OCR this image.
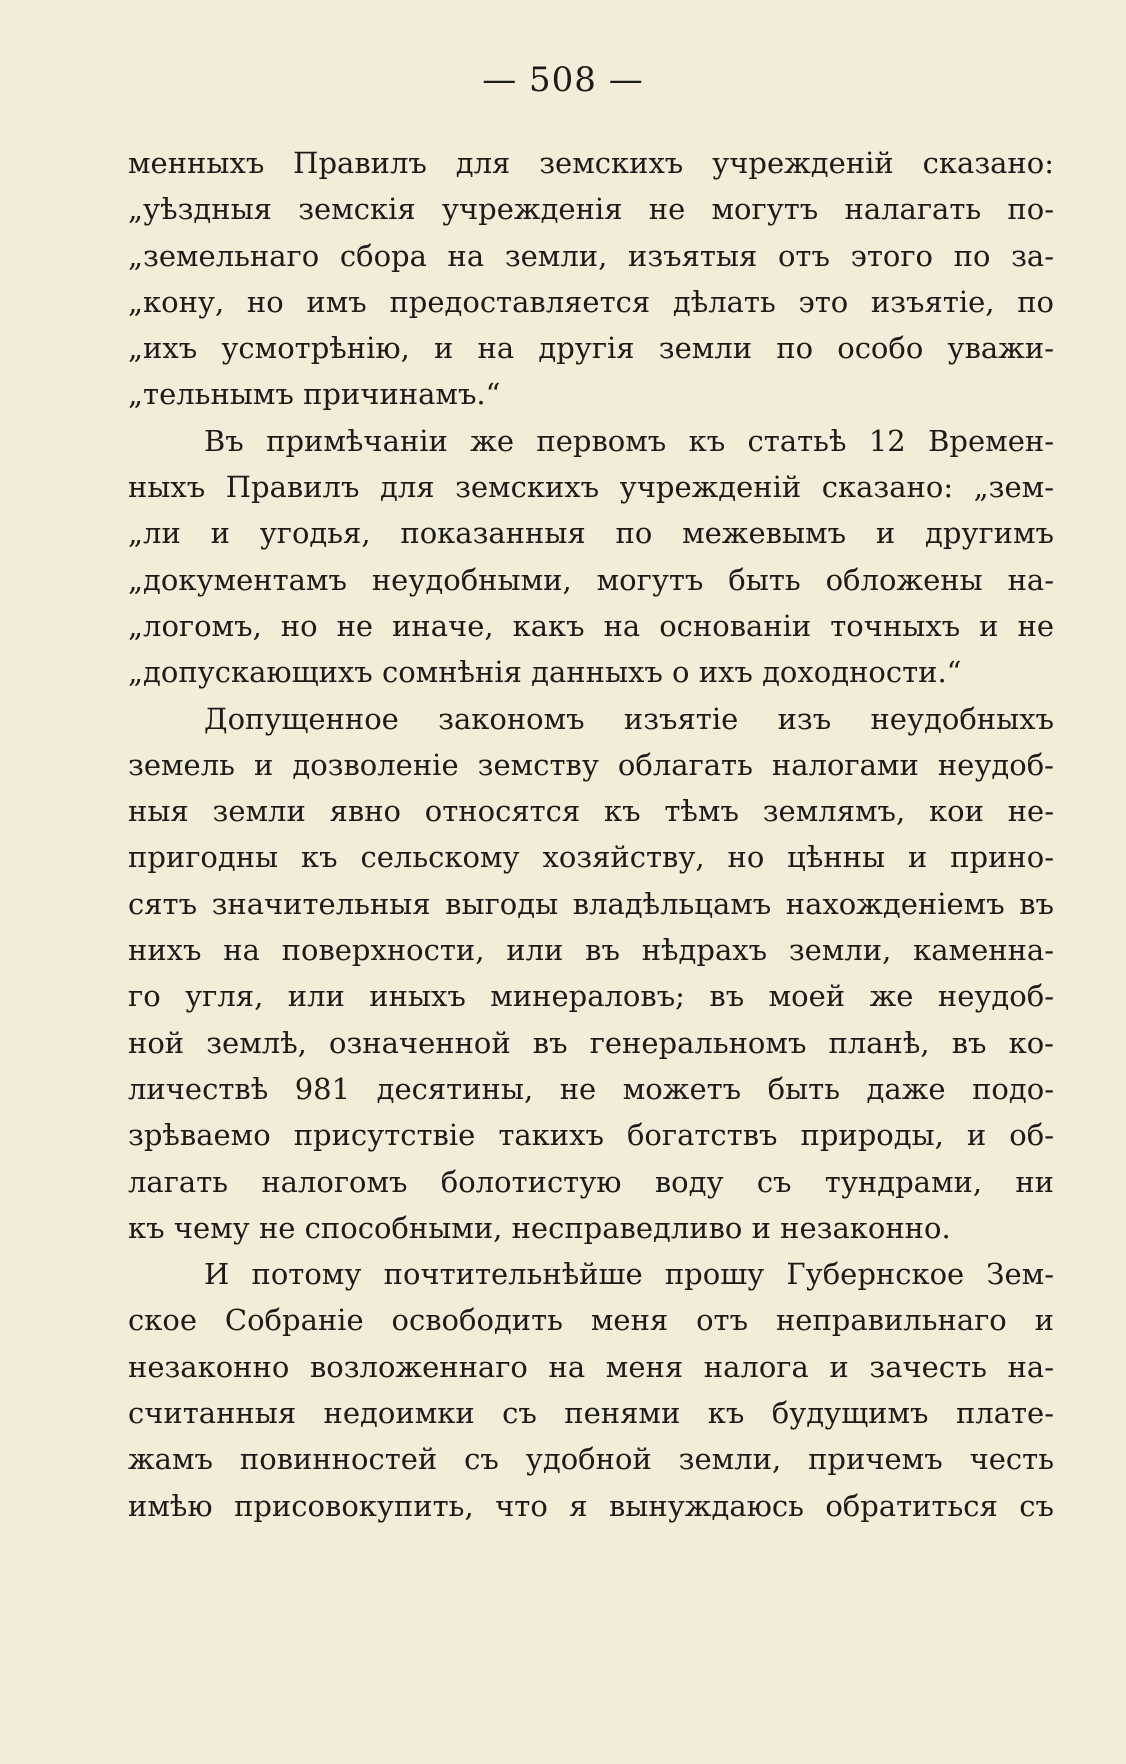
— 508 —
менныхъ Правилъ для земскихъ учрежденій сказано:
„уѣздныя земскія учрежденія не могутъ налагать по-
„земельнаго сбора на земли, изъятыя отъ этого по за-
„кону, но имъ предоставляется дѣлать это изъятіе, по
„ихъ усмотрѣнію, и на другія земли по особо уважи-
„тельнымъ причинамъ.“
Въ примѣчаніи же первомъ къ статьѣ 12 Времен-
ныхъ Правилъ для земскихъ учрежденій сказано: „зем-
„ли и угодья, показанныя по межевымъ и другимъ
„документамъ неудобными, могутъ быть обложены на-
„логомъ, но не иначе, какъ на основаніи точныхъ и не
„допускающихъ сомнѣнія данныхъ о ихъ доходности.“
Допущенное закономъ изъятіе изъ неудобныхъ
земель и дозволеніе земству облагать налогами неудоб-
ныя земли явно относятся къ тѣмъ землямъ, кои не-
пригодны къ сельскому хозяйству, но цѣнны и прино-
сятъ значительныя выгоды владѣльцамъ нахожденіемъ въ
нихъ на поверхности, или въ нѣдрахъ земли, каменна-
го угля, или иныхъ минераловъ; въ моей же неудоб-
ной землѣ, означенной въ генеральномъ планѣ, въ ко-
личествѣ 981 десятины, не можетъ быть даже подо-
зрѣваемо присутствіе такихъ богатствъ природы, и об-
лагать налогомъ болотистую воду съ тундрами, ни
къ чему не способными, несправедливо и незаконно.
И потому почтительнѣйше прошу Губернское Зем-
ское Собраніе освободить меня отъ неправильнаго и
незаконно возложеннаго на меня налога и зачесть на-
считанныя недоимки съ пенями къ будущимъ плате-
жамъ повинностей съ удобной земли, причемъ честь
имѣю присовокупить, что я вынуждаюсь обратиться съ
